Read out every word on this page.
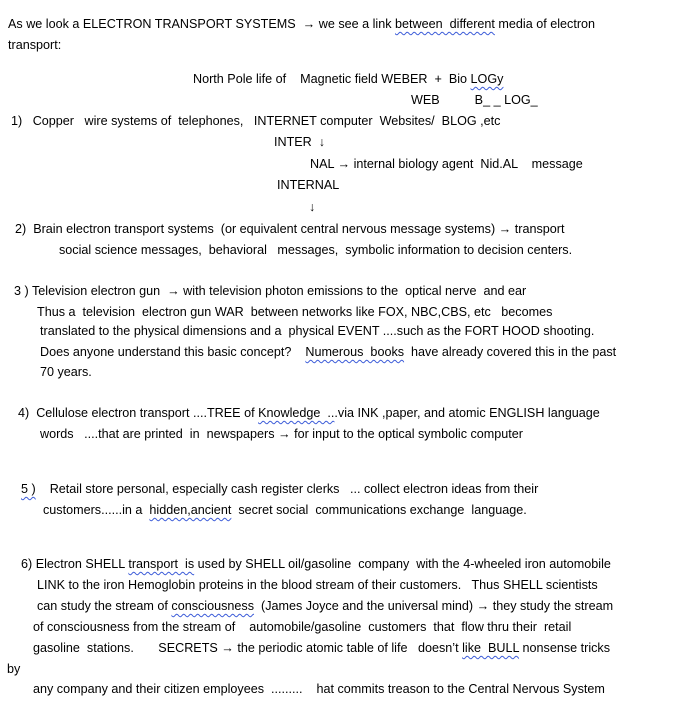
As we look a ELECTRON TRANSPORT SYSTEMS  → we see a link between  different media of electron
transport:
North Pole life of    Magnetic field WEBER  +  Bio LOGy
WEB          B_ _ LOG_
1)   Copper   wire systems of  telephones,   INTERNET computer  Websites/  BLOG ,etc
INTER  ↓
NAL → internal biology agent  Nid.AL    message
INTERNAL
↓
2)  Brain electron transport systems  (or equivalent central nervous message systems) → transport
social science messages,  behavioral   messages,  symbolic information to decision centers.
3 ) Television electron gun  → with television photon emissions to the  optical nerve  and ear
Thus a  television  electron gun WAR  between networks like FOX, NBC,CBS, etc   becomes
translated to the physical dimensions and a  physical EVENT ....such as the FORT HOOD shooting.
Does anyone understand this basic concept?    Numerous  books  have already covered this in the past
70 years.
4)  Cellulose electron transport ....TREE of Knowledge  ...via INK ,paper, and atomic ENGLISH language
words   ....that are printed  in  newspapers → for input to the optical symbolic computer
5 )    Retail store personal, especially cash register clerks   ... collect electron ideas from their
customers......in a  hidden,ancient  secret social  communications exchange  language.
6) Electron SHELL transport  is used by SHELL oil/gasoline  company  with the 4-wheeled iron automobile
LINK to the iron Hemoglobin proteins in the blood stream of their customers.   Thus SHELL scientists
can study the stream of consciousness  (James Joyce and the universal mind) → they study the stream
of consciousness from the stream of    automobile/gasoline  customers  that  flow thru their  retail
gasoline  stations.       SECRETS → the periodic atomic table of life   doesn’t like  BULL nonsense tricks
by
any company and their citizen employees  .........    hat commits treason to the Central Nervous System
